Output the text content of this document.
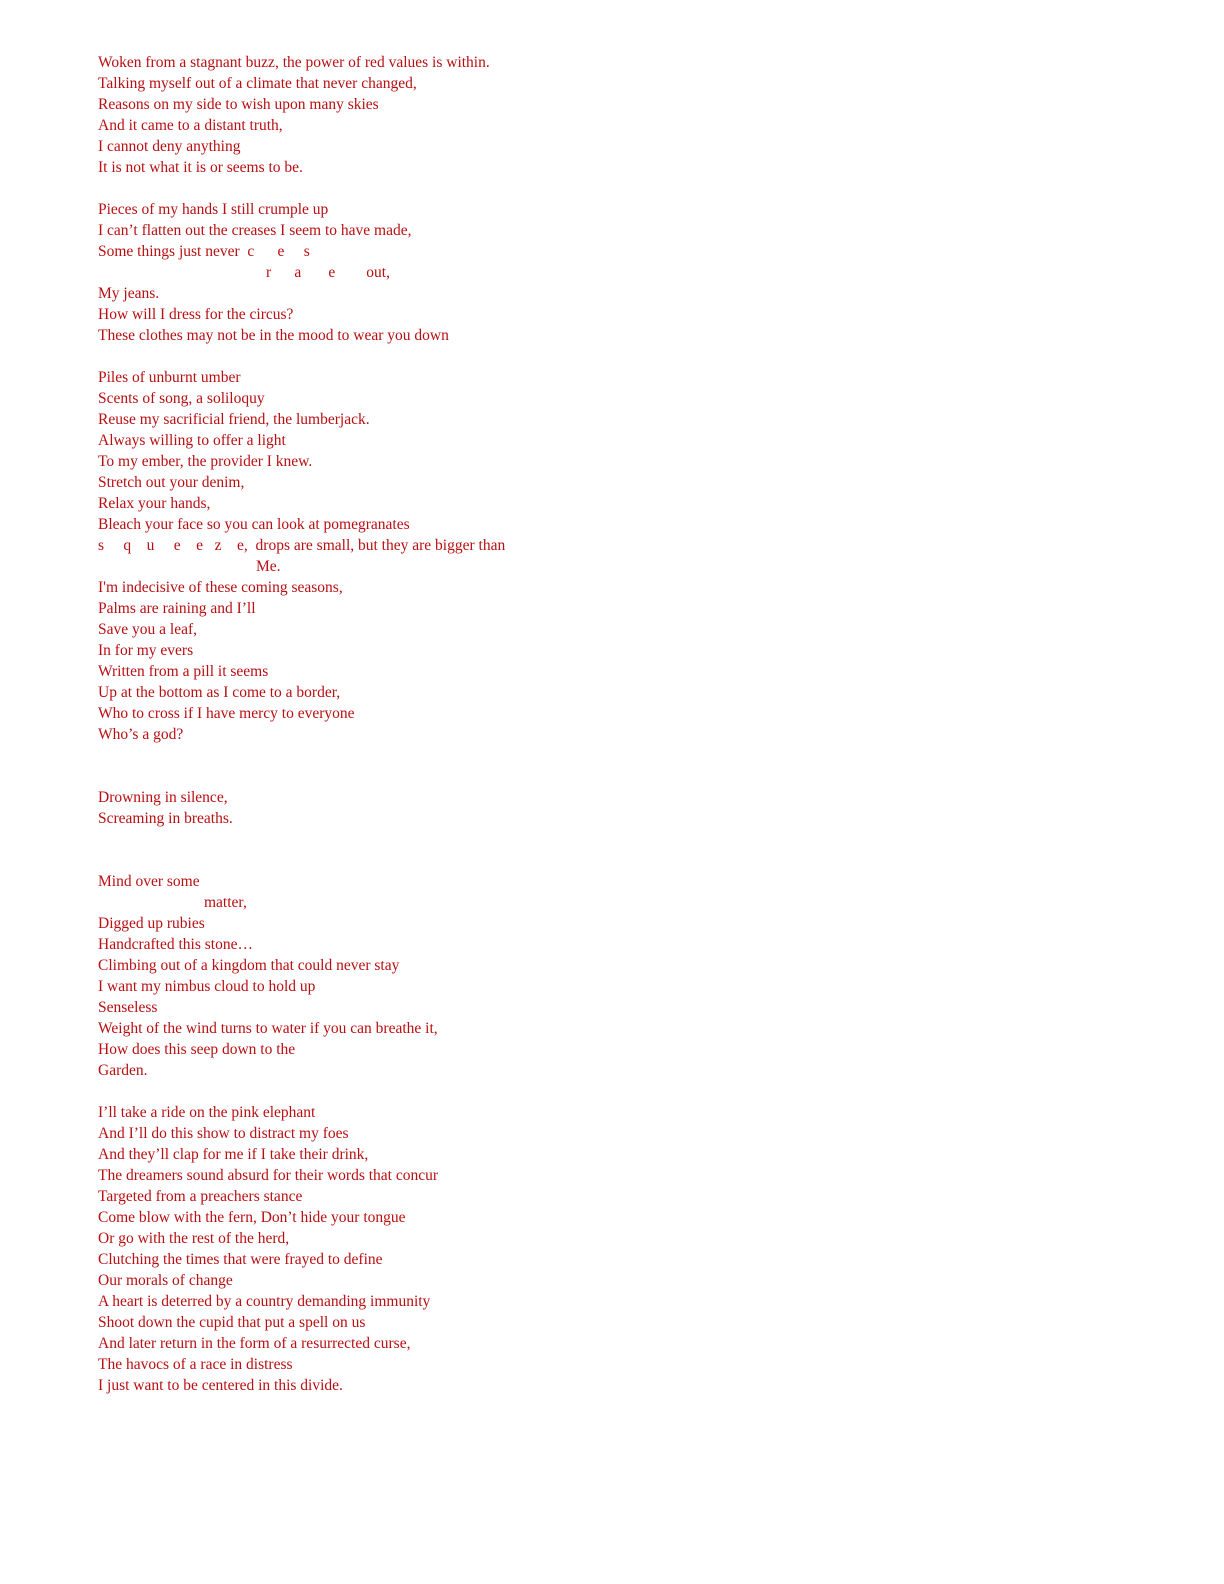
Woken from a stagnant buzz, the power of red values is within.
Talking myself out of a climate that never changed,
Reasons on my side to wish upon many skies
And it came to a distant truth,
I cannot deny anything
It is not what it is or seems to be.
Pieces of my hands I still crumple up
I can’t flatten out the creases I seem to have made,
Some things just never  c      e     s
r      a       e        out,
My jeans.
How will I dress for the circus?
These clothes may not be in the mood to wear you down
Piles of unburnt umber
Scents of song, a soliloquy
Reuse my sacrificial friend, the lumberjack.
Always willing to offer a light
To my ember, the provider I knew.
Stretch out your denim,
Relax your hands,
Bleach your face so you can look at pomegranates
s     q    u     e    e   z    e,  drops are small, but they are bigger than
Me.
I'm indecisive of these coming seasons,
Palms are raining and I’ll
Save you a leaf,
In for my evers
Written from a pill it seems
Up at the bottom as I come to a border,
Who to cross if I have mercy to everyone
Who’s a god?
Drowning in silence,
Screaming in breaths.
Mind over some
matter,
Digged up rubies
Handcrafted this stone…
Climbing out of a kingdom that could never stay
I want my nimbus cloud to hold up
Senseless
Weight of the wind turns to water if you can breathe it,
How does this seep down to the
Garden.
I’ll take a ride on the pink elephant
And I’ll do this show to distract my foes
And they’ll clap for me if I take their drink,
The dreamers sound absurd for their words that concur
Targeted from a preachers stance
Come blow with the fern, Don’t hide your tongue
Or go with the rest of the herd,
Clutching the times that were frayed to define
Our morals of change
A heart is deterred by a country demanding immunity
Shoot down the cupid that put a spell on us
And later return in the form of a resurrected curse,
The havocs of a race in distress
I just want to be centered in this divide.
